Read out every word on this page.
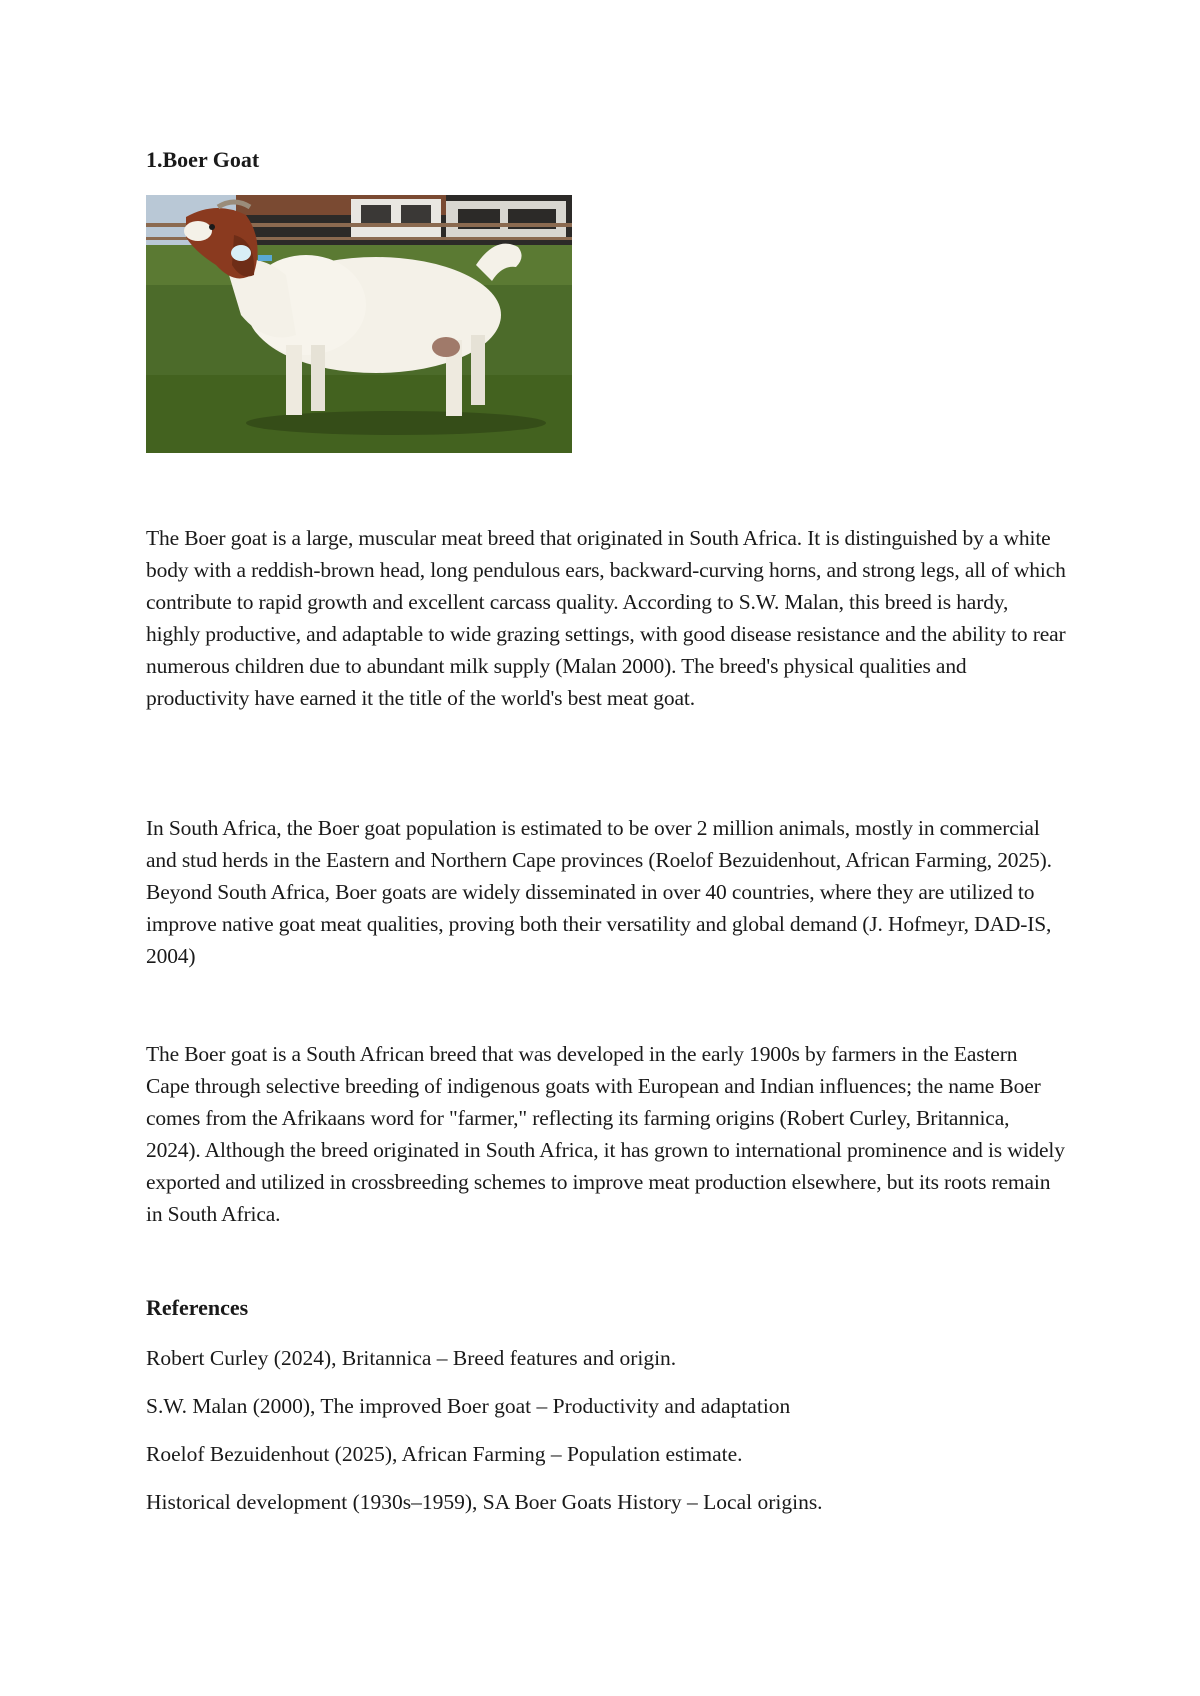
1.Boer Goat

The Boer goat is a large, muscular meat breed that originated in South Africa. It is distinguished by a white body with a reddish-brown head, long pendulous ears, backward-curving horns, and strong legs, all of which contribute to rapid growth and excellent carcass quality. According to S.W. Malan, this breed is hardy, highly productive, and adaptable to wide grazing settings, with good disease resistance and the ability to rear numerous children due to abundant milk supply (Malan 2000). The breed's physical qualities and productivity have earned it the title of the world's best meat goat.

In South Africa, the Boer goat population is estimated to be over 2 million animals, mostly in commercial and stud herds in the Eastern and Northern Cape provinces (Roelof Bezuidenhout, African Farming, 2025). Beyond South Africa, Boer goats are widely disseminated in over 40 countries, where they are utilized to improve native goat meat qualities, proving both their versatility and global demand (J. Hofmeyr, DAD-IS, 2004)

The Boer goat is a South African breed that was developed in the early 1900s by farmers in the Eastern Cape through selective breeding of indigenous goats with European and Indian influences; the name Boer comes from the Afrikaans word for "farmer," reflecting its farming origins (Robert Curley, Britannica, 2024). Although the breed originated in South Africa, it has grown to international prominence and is widely exported and utilized in crossbreeding schemes to improve meat production elsewhere, but its roots remain in South Africa.

References
Robert Curley (2024), Britannica – Breed features and origin.
S.W. Malan (2000), The improved Boer goat – Productivity and adaptation
Roelof Bezuidenhout (2025), African Farming – Population estimate.
Historical development (1930s–1959), SA Boer Goats History – Local origins.
